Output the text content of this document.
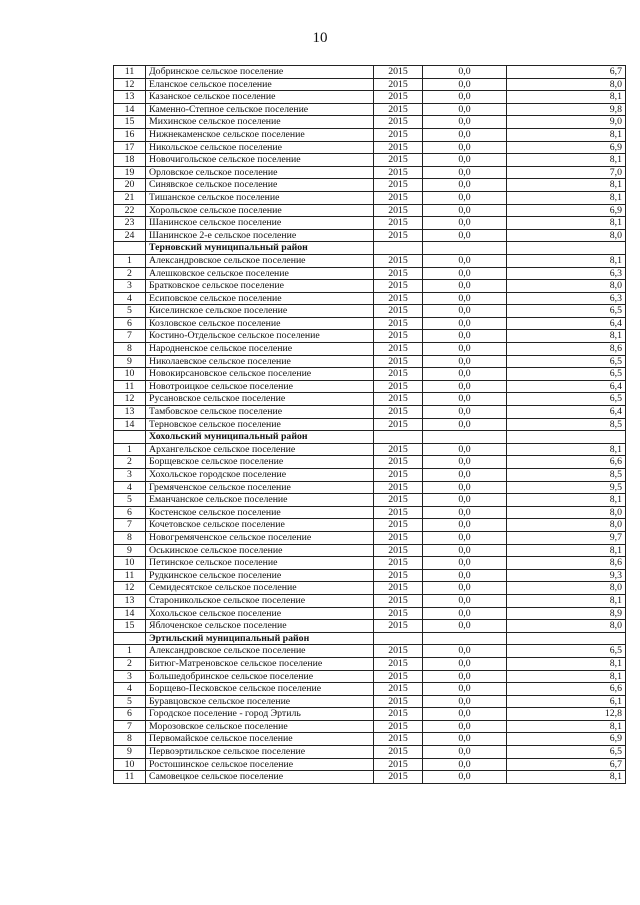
10
11	Добринское сельское поселение	2015	0,0	6,7
12	Еланское сельское поселение	2015	0,0	8,0
13	Казанское сельское поселение	2015	0,0	8,1
14	Каменно-Степное сельское поселение	2015	0,0	9,8
15	Михинское сельское поселение	2015	0,0	9,0
16	Нижнекаменское сельское поселение	2015	0,0	8,1
17	Никольское сельское поселение	2015	0,0	6,9
18	Новочигольское сельское поселение	2015	0,0	8,1
19	Орловское сельское поселение	2015	0,0	7,0
20	Синявское сельское поселение	2015	0,0	8,1
21	Тишанское сельское поселение	2015	0,0	8,1
22	Хорольское сельское поселение	2015	0,0	6,9
23	Шанинское сельское поселение	2015	0,0	8,1
24	Шанинское 2-е сельское поселение	2015	0,0	8,0
	Терновский муниципальный район			
1	Александровское сельское поселение	2015	0,0	8,1
2	Алешковское сельское поселение	2015	0,0	6,3
3	Братковское сельское поселение	2015	0,0	8,0
4	Есиповское сельское поселение	2015	0,0	6,3
5	Киселинское сельское поселение	2015	0,0	6,5
6	Козловское сельское поселение	2015	0,0	6,4
7	Костино-Отдельское сельское поселение	2015	0,0	8,1
8	Народненское сельское поселение	2015	0,0	8,6
9	Николаевское сельское поселение	2015	0,0	6,5
10	Новокирсановское сельское поселение	2015	0,0	6,5
11	Новотроицкое сельское поселение	2015	0,0	6,4
12	Русановское сельское поселение	2015	0,0	6,5
13	Тамбовское сельское поселение	2015	0,0	6,4
14	Терновское сельское поселение	2015	0,0	8,5
	Хохольский муниципальный район			
1	Архангельское сельское поселение	2015	0,0	8,1
2	Борщевское сельское поселение	2015	0,0	6,6
3	Хохольское городское поселение	2015	0,0	8,5
4	Гремяченское сельское поселение	2015	0,0	9,5
5	Еманчанское сельское поселение	2015	0,0	8,1
6	Костенское сельское поселение	2015	0,0	8,0
7	Кочетовское сельское поселение	2015	0,0	8,0
8	Новогремяченское сельское поселение	2015	0,0	9,7
9	Оськинское сельское поселение	2015	0,0	8,1
10	Петинское сельское поселение	2015	0,0	8,6
11	Рудкинское сельское поселение	2015	0,0	9,3
12	Семидесятское сельское поселение	2015	0,0	8,0
13	Староникольское сельское поселение	2015	0,0	8,1
14	Хохольское сельское поселение	2015	0,0	8,9
15	Яблоченское сельское поселение	2015	0,0	8,0
	Эртильский муниципальный район			
1	Александровское сельское поселение	2015	0,0	6,5
2	Битюг-Матреновское сельское поселение	2015	0,0	8,1
3	Большедобринское сельское поселение	2015	0,0	8,1
4	Борщево-Песковское сельское поселение	2015	0,0	6,6
5	Буравцовское сельское поселение	2015	0,0	6,1
6	Городское поселение - город Эртиль	2015	0,0	12,8
7	Морозовское сельское поселение	2015	0,0	8,1
8	Первомайское сельское поселение	2015	0,0	6,9
9	Первоэртильское сельское поселение	2015	0,0	6,5
10	Ростошинское сельское поселение	2015	0,0	6,7
11	Самовецкое сельское поселение	2015	0,0	8,1
